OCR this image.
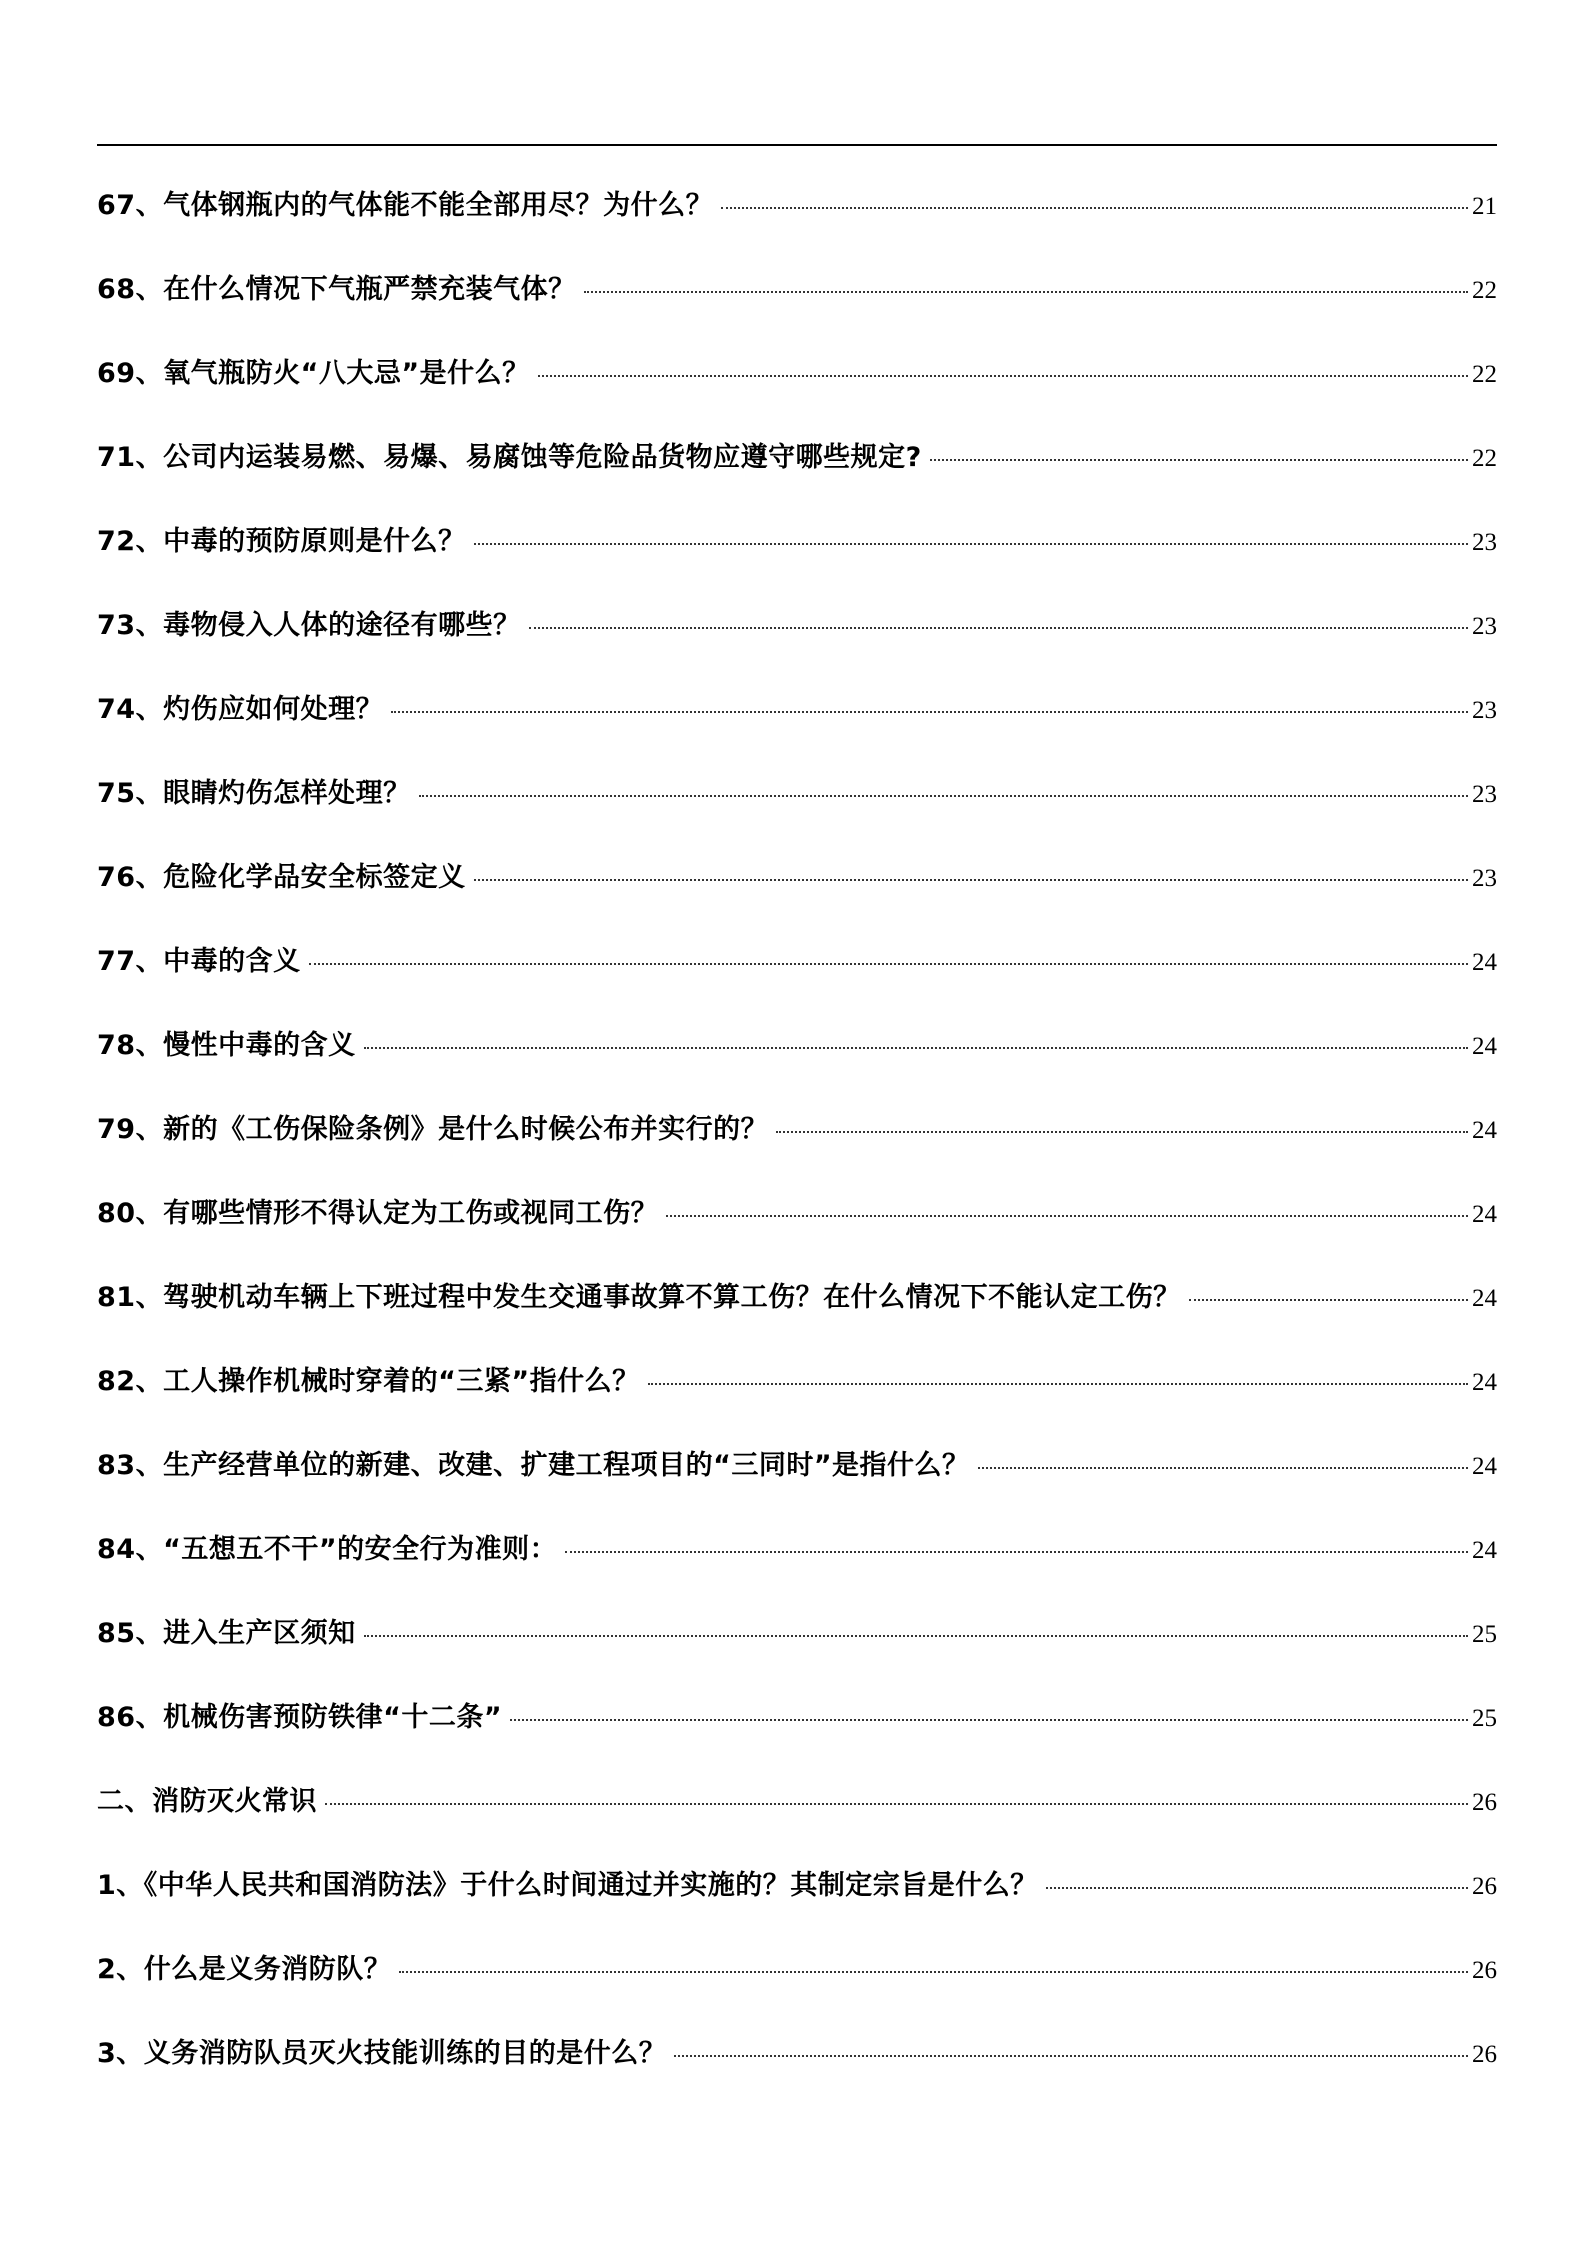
67、气体钢瓶内的气体能不能全部用尽？为什么？	21
68、在什么情况下气瓶严禁充装气体？	22
69、氧气瓶防火“八大忌”是什么？	22
71、公司内运装易燃、易爆、易腐蚀等危险品货物应遵守哪些规定?	22
72、中毒的预防原则是什么？	23
73、毒物侵入人体的途径有哪些？	23
74、灼伤应如何处理？	23
75、眼睛灼伤怎样处理？	23
76、危险化学品安全标签定义	23
77、中毒的含义	24
78、慢性中毒的含义	24
79、新的《工伤保险条例》是什么时候公布并实行的？	24
80、有哪些情形不得认定为工伤或视同工伤？	24
81、驾驶机动车辆上下班过程中发生交通事故算不算工伤？在什么情况下不能认定工伤？	24
82、工人操作机械时穿着的“三紧”指什么？	24
83、生产经营单位的新建、改建、扩建工程项目的“三同时”是指什么？	24
84、“五想五不干”的安全行为准则：	24
85、进入生产区须知	25
86、机械伤害预防铁律“十二条”	25
二、消防灭火常识	26
1、《中华人民共和国消防法》于什么时间通过并实施的？其制定宗旨是什么？	26
2、什么是义务消防队？	26
3、义务消防队员灭火技能训练的目的是什么？	26
